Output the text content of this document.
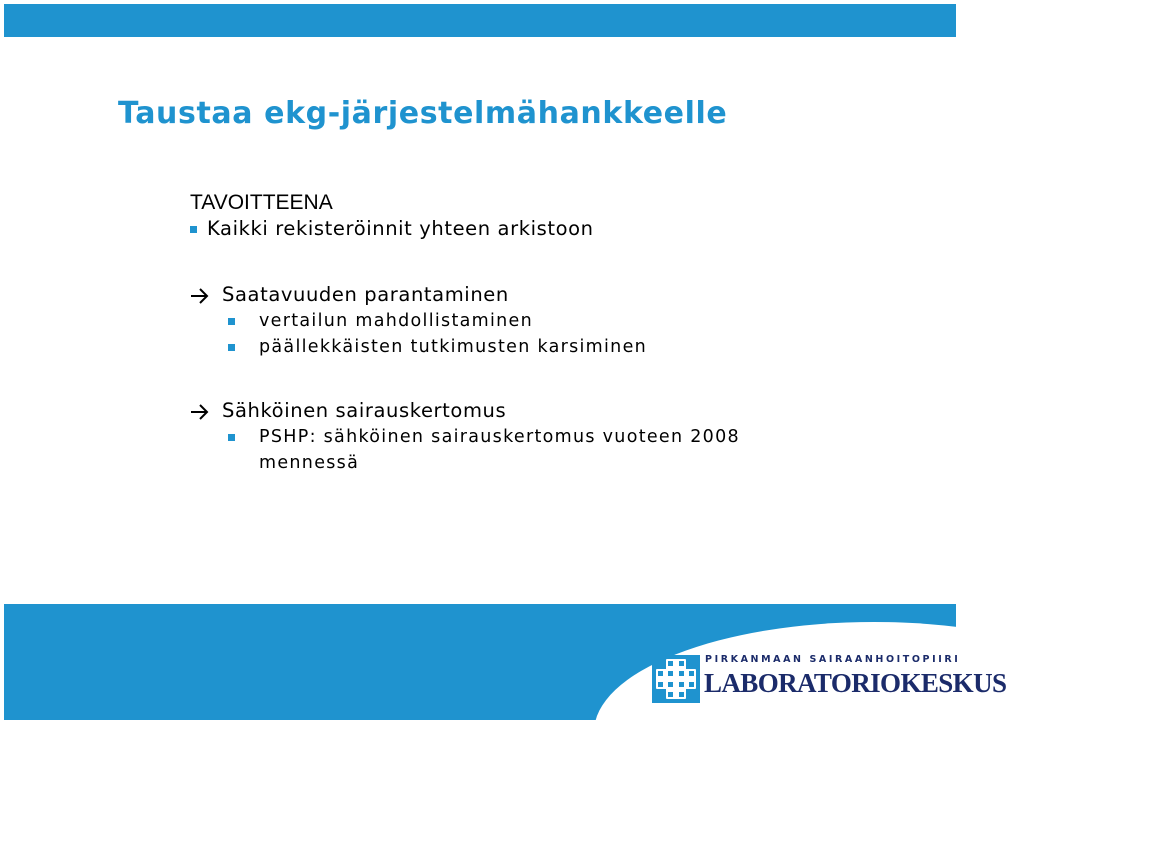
Taustaa ekg-järjestelmähankkeelle
TAVOITTEENA
Kaikki rekisteröinnit yhteen arkistoon
Saatavuuden parantaminen
vertailun mahdollistaminen
päällekkäisten tutkimusten karsiminen
Sähköinen sairauskertomus
PSHP: sähköinen sairauskertomus vuoteen 2008 mennessä
PIRKANMAAN SAIRAANHOITOPIIRI
LABORATORIOKESKUS
